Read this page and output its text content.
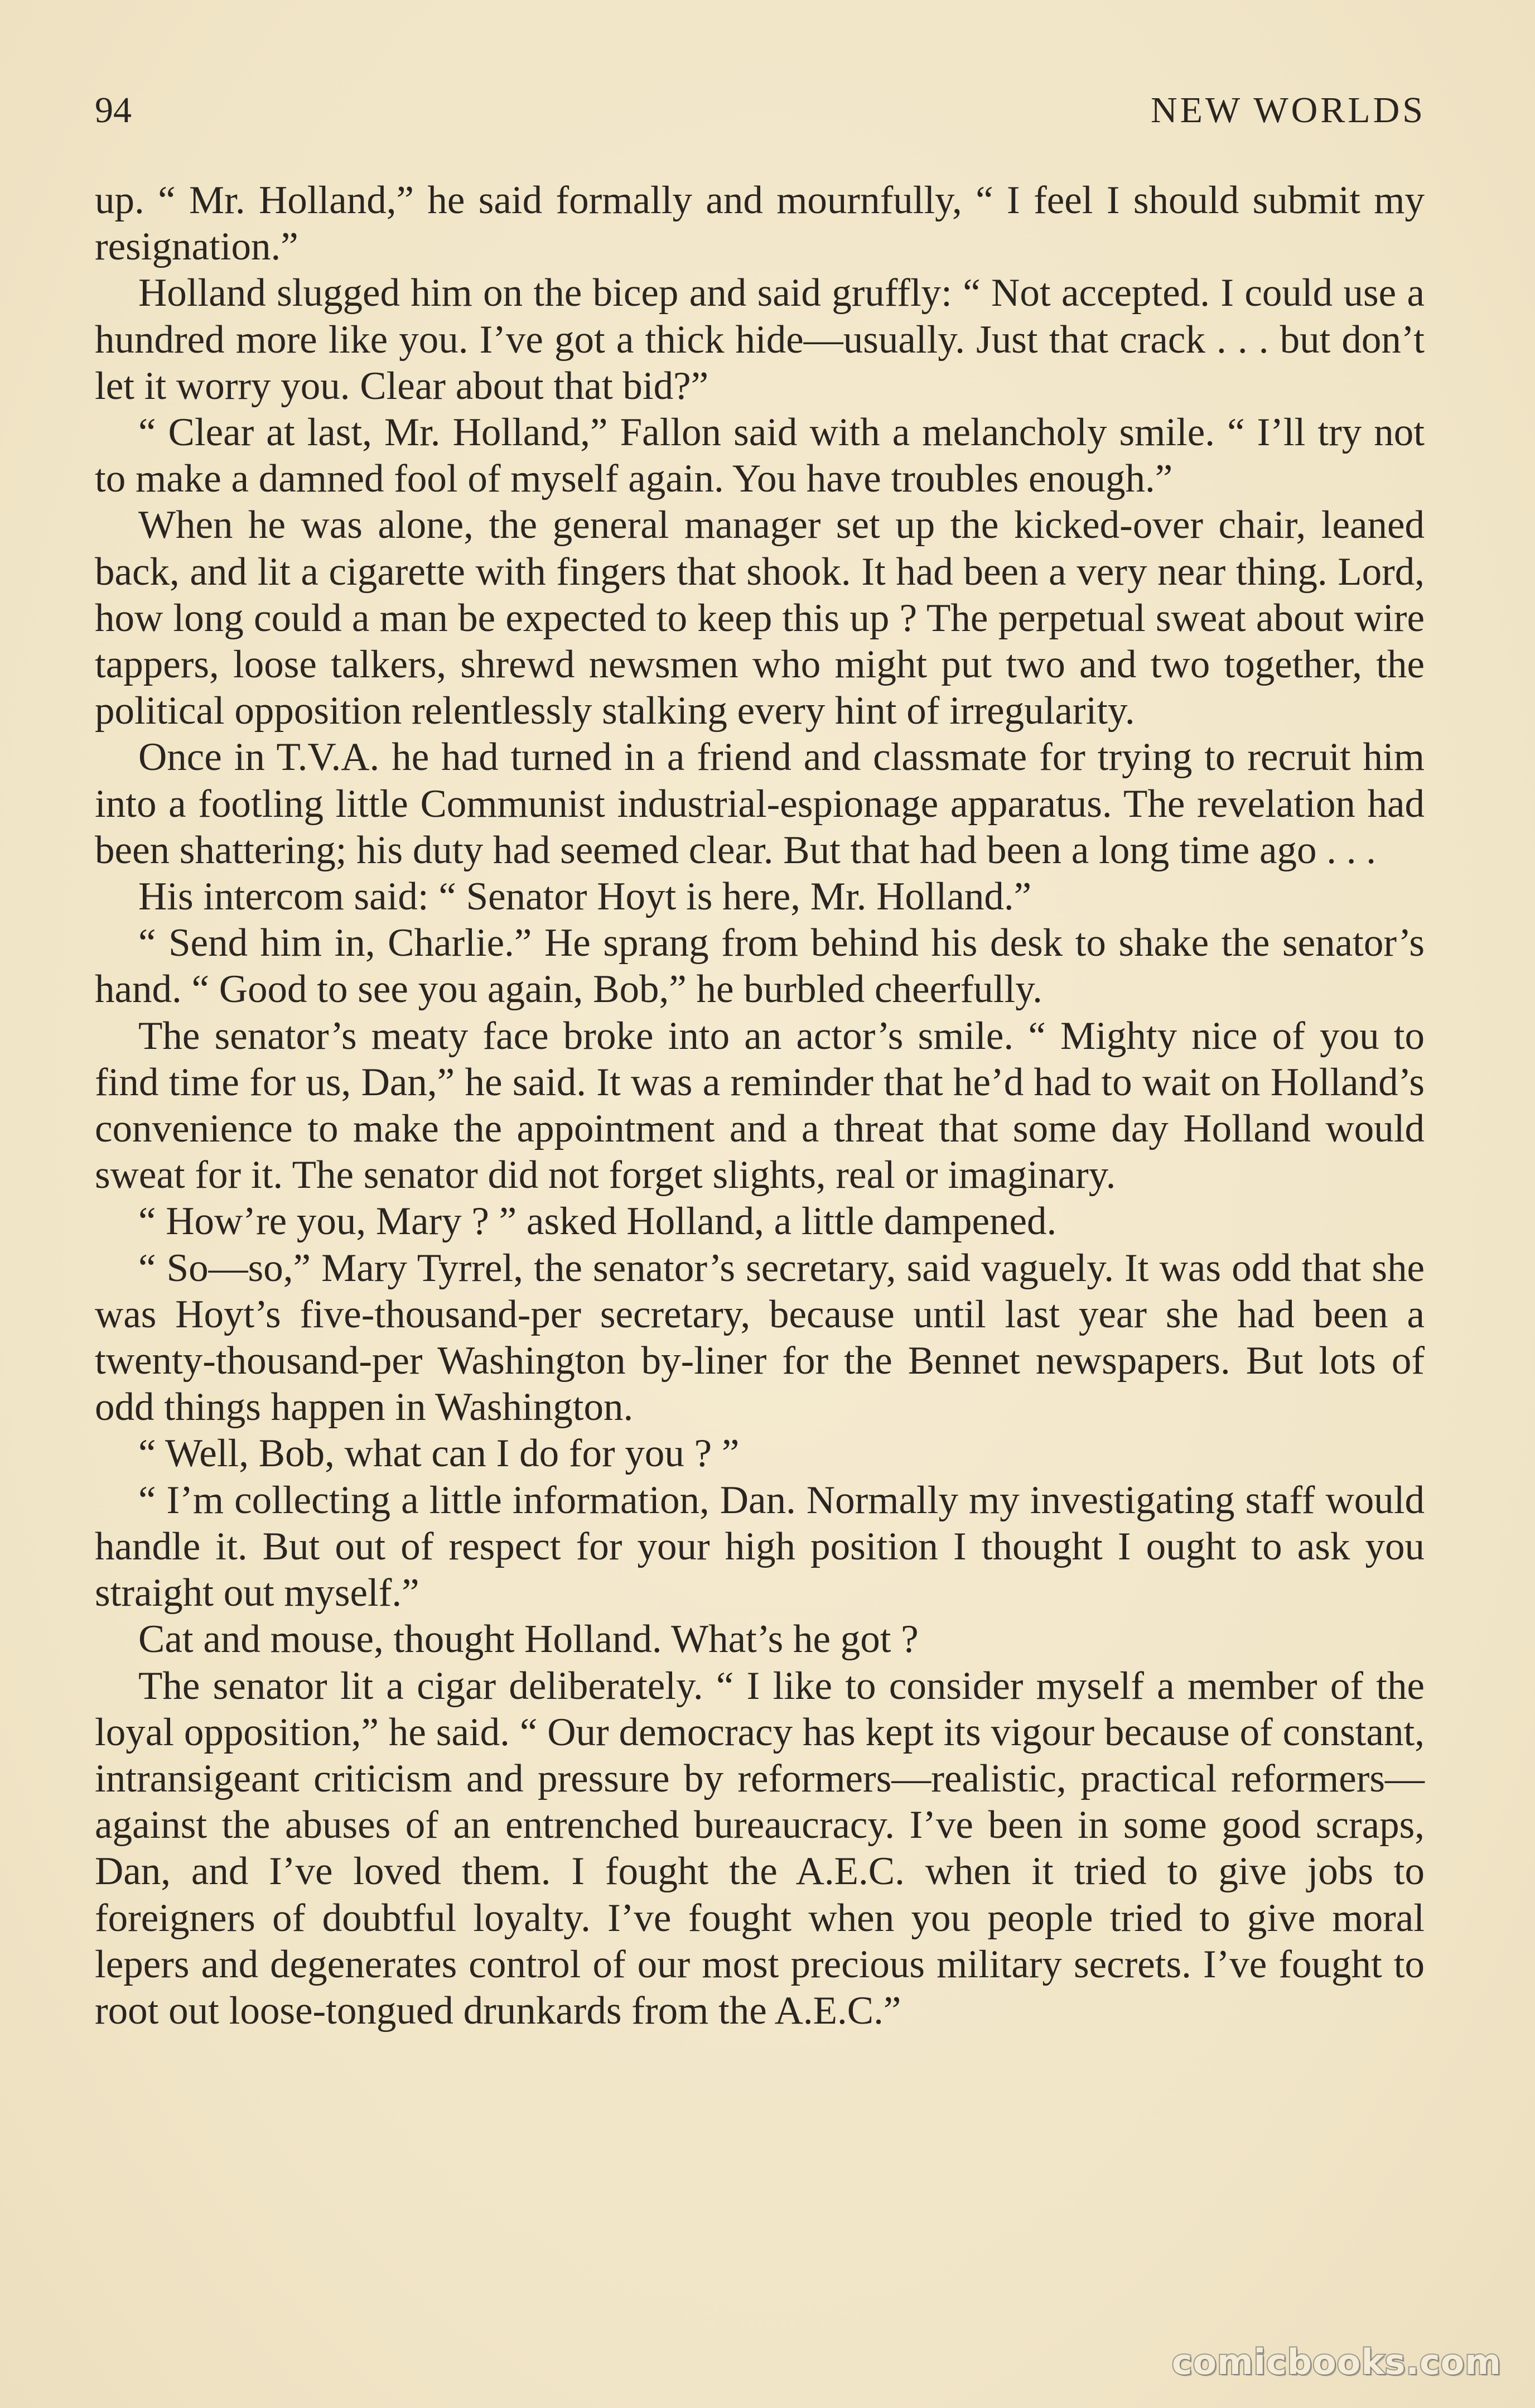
94	NEW WORLDS

up. “ Mr. Holland,” he said formally and mournfully, “ I feel I should submit my resignation.”

Holland slugged him on the bicep and said gruffly: “ Not accepted. I could use a hundred more like you. I’ve got a thick hide—usually. Just that crack . . . but don’t let it worry you. Clear about that bid?”

“ Clear at last, Mr. Holland,” Fallon said with a melancholy smile. “ I’ll try not to make a damned fool of myself again. You have troubles enough.”

When he was alone, the general manager set up the kicked-over chair, leaned back, and lit a cigarette with fingers that shook. It had been a very near thing. Lord, how long could a man be expected to keep this up ? The perpetual sweat about wire tappers, loose talkers, shrewd newsmen who might put two and two together, the political opposition relentlessly stalking every hint of irregularity.

Once in T.V.A. he had turned in a friend and classmate for trying to recruit him into a footling little Communist industrial-espionage apparatus. The revelation had been shattering; his duty had seemed clear. But that had been a long time ago . . .

His intercom said: “ Senator Hoyt is here, Mr. Holland.”

“ Send him in, Charlie.” He sprang from behind his desk to shake the senator’s hand. “ Good to see you again, Bob,” he burbled cheerfully.

The senator’s meaty face broke into an actor’s smile. “ Mighty nice of you to find time for us, Dan,” he said. It was a reminder that he’d had to wait on Holland’s convenience to make the appointment and a threat that some day Holland would sweat for it. The senator did not forget slights, real or imaginary.

“ How’re you, Mary ? ” asked Holland, a little dampened.

“ So—so,” Mary Tyrrel, the senator’s secretary, said vaguely. It was odd that she was Hoyt’s five-thousand-per secretary, because until last year she had been a twenty-thousand-per Washington by-liner for the Bennet newspapers. But lots of odd things happen in Washington.

“ Well, Bob, what can I do for you ? ”

“ I’m collecting a little information, Dan. Normally my investigating staff would handle it. But out of respect for your high position I thought I ought to ask you straight out myself.”

Cat and mouse, thought Holland. What’s he got ?

The senator lit a cigar deliberately. “ I like to consider myself a member of the loyal opposition,” he said. “ Our democracy has kept its vigour because of constant, intransigeant criticism and pressure by reformers—realistic, practical reformers—against the abuses of an entrenched bureaucracy. I’ve been in some good scraps, Dan, and I’ve loved them. I fought the A.E.C. when it tried to give jobs to foreigners of doubtful loyalty. I’ve fought when you people tried to give moral lepers and degenerates control of our most precious military secrets. I’ve fought to root out loose-tongued drunkards from the A.E.C.”

comicbooks.com
